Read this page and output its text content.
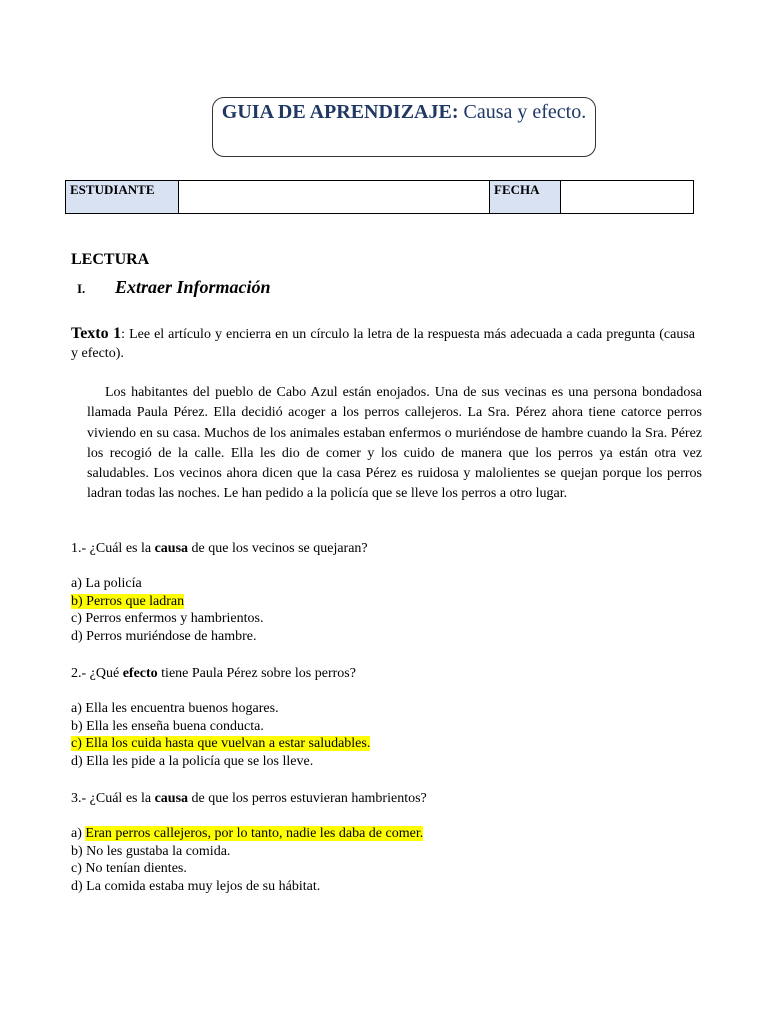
GUIA DE APRENDIZAJE: Causa y efecto.
ESTUDIANTE		FECHA	
LECTURA
I. Extraer Información
Texto 1: Lee el artículo y encierra en un círculo la letra de la respuesta más adecuada a cada pregunta (causa y efecto).
Los habitantes del pueblo de Cabo Azul están enojados. Una de sus vecinas es una persona bondadosa llamada Paula Pérez. Ella decidió acoger a los perros callejeros. La Sra. Pérez ahora tiene catorce perros viviendo en su casa. Muchos de los animales estaban enfermos o muriéndose de hambre cuando la Sra. Pérez los recogió de la calle. Ella les dio de comer y los cuido de manera que los perros ya están otra vez saludables. Los vecinos ahora dicen que la casa Pérez es ruidosa y malolientes se quejan porque los perros ladran todas las noches. Le han pedido a la policía que se lleve los perros a otro lugar.

1.- ¿Cuál es la causa de que los vecinos se quejaran?

a) La policía

b) Perros que ladran

c) Perros enfermos y hambrientos.

d) Perros muriéndose de hambre.

2.- ¿Qué efecto tiene Paula Pérez sobre los perros?

a) Ella les encuentra buenos hogares.

b) Ella les enseña buena conducta.

c) Ella los cuida hasta que vuelvan a estar saludables.

d) Ella les pide a la policía que se los lleve.

3.- ¿Cuál es la causa de que los perros estuvieran hambrientos?

a) Eran perros callejeros, por lo tanto, nadie les daba de comer.

b) No les gustaba la comida.

c) No tenían dientes.

d) La comida estaba muy lejos de su hábitat.
